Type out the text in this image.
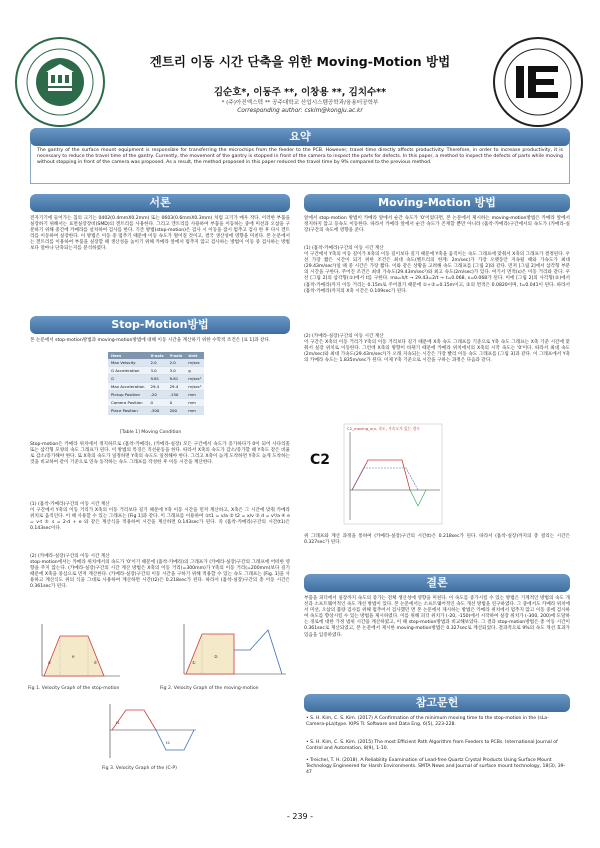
겐트리 이동 시간 단축을 위한 Moving-Motion 방법
김순호*, 이동주 **, 이창용 **, 김치수**
* (주)아진엑스텍 ** 공주대학교 산업시스템공학과/융용터공학부
Corresponding author: cskim@kongju.ac.kr
요약
The gantry of the surface mount equipment is responsible for transferring the microchips from the feeder to the PCB. However, travel time directly affects productivity. Therefore, in order to increase productivity, it is necessary to reduce the travel time of the gantry. Currently, the movement of the gantry is stopped in front of the camera to inspect the parts for defects. In this paper, a method to inspect the defects of parts while moving without stopping in front of the camera was proposed. As a result, the method proposed in this paper reduced the travel time by 9% compared to the previous method.
서론
전자기기에 들어가는 칩의 크기는 0402(0.4mmX0.2mm) 또는 0603(0.6mmX0.3mm) 처럼 크기가 매우 작다. 이러한 부품을 실장하기 위해서는 표면실장장비(SMD)의 겐트리를 사용한다. 그리고 겐트리를 사용하여 부품을 이동하는 중에 미션과 오삽을 구분하기 위해 중간에 카메라를 설치하여 검사를 한다. 기존 방법(stop-motion)은 검사 시 이동을 잠시 멈추고 검사 한 후 다시 겐트리를 이동하여 실장한다. 이 방법은 이동 중 멈추기 때문에 이동 속도가 떨어질 것이고, 결국 생산성에 영향을 미친다. 본 논문에서는 겐트리를 이용하여 부품을 실장할 때 생산성을 높이기 위해 카메라 앞에서 멈추지 않고 검사하는 방법이 이동 중 검사하는 방법보다 얼마나 단축되는지를 분석하였다.
Stop-Motion방법
본 논문에서 stop-motion방법과 moving-motion방법에 대해 이동 시간을 계산하기 위한 수학적 조건은 [표 1]과 같다.
Item	X-axis	Y-axis	Unit
Max Velocity	2.0	2.0	m/sec
G Acceleration	3.0	3.0	g
G	9.81	9.81	m/sec²
Max Acceleration	29.4	29.4	m/sec²
Pickup Position	-20	-150	mm
Camera Position	0	0	mm
Place Position	-300	200	mm
[Table 1] Moving Condition
Stop-motion은 카메라 위치에서 정지하므로 (흡착-카메라), (카메라-실장) 모든 구간에서 속도가 증가하다가 0이 되어 사다리꼴 또는 삼각형 모양의 속도 그래프가 된다. 이 방법의 특징은 직선운동을 한다. 따라서 X축의 속도가 감소/증가할 때 Y축도 같은 비율로 감소/증가해야 한다. 또 X축의 속도가 일정하면 Y축의 속도도 일정해야 한다. 그리고 X축이 늦게 도착하면 Y축도 늦게 도착하는 것을 비교하여 같이 기준으로 연속 동작하는 속도 그래프를 작성한 후 이동 시간을 계산한다.
(1) (흡착-카메라)구간의 이동 시간 계산
이 구간에서 Y축의 이동 거리가 X축의 이동 거리보다 길기 때문에 Y축 이동 시간을 먼저 계산하고, X축은 그 시간에 맞춰 카메라 위치로 움직인다. 이 때 사용할 수 있는 그래프는 [Fig 1]과 같다. 이 그래프를 이용하여 ①t1 = v/a ② t2 = x/v ③ d = v²/a ④ e = v·t ⑤ s = 2·d + e 와 같은 계산식을 적용하여 시간을 계산하면 0.143sec가 된다. 즉 (흡착-카메라)구간의 시간(t1)은 0.143sec이다.
(2) (카메라-실장)구간의 이동 시간 계산
stop-motion에서는 카메라 위치에서의 속도가 '0'이기 때문에 (흡착-카메라)의 그래프가 (카메라-실장)구간의 그래프에 어떠한 영향을 주지 않는다. (카메라-실장)구간의 시간 계산 방법은 X축의 이동 거리(=300mm)가 Y축의 이동 거리(=200mm)보다 길기 때문에 X축을 중심으로 먼저 계산한다. (카메라-실장)구간의 이동 시간을 구하기 위해 적용할 수 있는 속도 그래프는 [Fig. 1]을 사용하고 계산식도 위의 식을 그대로 사용하여 계산하면 시간(t2)은 0.218sec가 된다. 따라서 (흡착-실장)구간의 총 이동 시간은 0.361sec가 된다.
d
e
d
Fig 1. Velocity Graph of the stop-motion
①
②
Fig 2. Velocity Graph of the moving-motion
t1
t2
Fig 3. Velocity Graph of the (C-P)
Moving-Motion 방법
앞에서 stop-motion 방법이 카메라 앞에서 순간 속도가 '0'이었다면, 본 논문에서 제시하는 moving-motion방법은 카메라 앞에서 정지하지 않고 등속도 이동한다. 따라서 카메라 앞에서 순간 속도가 존재할 뿐만 아니라 (흡착-카메라)구간에서의 속도가 (카메라-실장)구간의 속도에 영향을 준다.
(1) (흡착-카메라)구간의 이동 시간 계산
이 구간에서 Y축의 이동 길이가 X축의 이동 길이보다 길기 때문에 Y축을 움직이는 속도 그래프에 맞춰서 X축의 그래프가 결정된다. 우선 가장 짧은 시간이 되기 위한 조건은 최대 속도(벤트리의 한계: 2m/sec)가 가장 오랫동안 지속될 때와 가속도가 최대(29.43m/sec²)일 때 중 시간은 가장 짧다. 이와 같은 상황을 고려해 속도 그래프를 [그림 2]와 같다. 먼저 [그림 2]에서 삼각형 부분의 시간을 구한다. 주어진 조건은 최대 가속도(29.43m/sec²)와 최고 속도(2m/sec)가 있다. 여기서 면적(s)은 이동 거리와 같다. 우선 [그림 2]의 삼각형(①)에서 t를 구한다. ma=h/t → 29.43=2/t → t=0.068, s=0.068가 된다. 이에 [그림 2]의 사각형(②)에서 (흡착-카메라)까지 이동 거리는 0.15m로 주어졌기 때문에 ①+②=0.15m이고, ②의 면적은 0.0820이며, t=0.041이 된다. 따라서 (흡착-카메라)까지의 X축 시간은 0.109sec가 된다.
(2) (카메라-실장)구간의 이동 시간 계산
이 구간은 X축의 이동 거리가 Y축의 이동 거리보다 길기 때문에 X축 속도 그래프를 기준으로 Y축 속도 그래프는 X축 기준 시간에 맞춰서 실장 위치로 이동한다. 그런데 X축의 방향이 바뀌기 때문에 카메라 위치에서의 X축의 시작 속도는 '0'이다. 따라서 최대 속도(2m/sec)와 최대 가속도(29.43m/sec²)가 오래 지속되는 시간은 가장 빨리 이동 속도 그래프를 [그림 3]과 같다. 이 그래프에서 Y축의 카메라 속도는 1.835m/sec가 된다. 이제 Y축 기준으로 시간을 구하는 과정은 다음과 같다.
C2_moving_x(v, 속도, 가속도가 있는 경우
C2
위 그래프와 계산 과정을 통하여 (카메라-실장)구간의 시간(t)은 0.218sec가 된다. 따라서 (흡착-실장)까지의 총 걸리는 시간은 0.327sec가 된다.
결론
부품을 피더에서 실장까지 속도의 증가는 전체 생산성에 영향을 미친다. 이 속도를 증가시킬 수 있는 방법은 기계적인 방법의 속도 개선과 소프트웨어적인 속도 개선 방법이 있다. 본 논문에서는 소프트웨어적인 속도 개선 방법을 연구하였다. 그 중에서도 카메라 위치에서 미션, 오삽의 불량 검사를 위해 멈추어서 검사했던 면 본 논문에서 제시하는 방법은 카메라 위치에서 멈추지 않고 이동 중에 검사하여 속도를 향상시킬 수 있는 방법을 제시하였다. 이를 위해 피더 위치가 (-20, -150)에서 시작하여 실장 위치가 (-300, 200)에 도달하는 경로에 대한 가정 범위 시간을 계산하였고, 이 때 stop-motion방법과 비교해보았다. 그 결과 stop-motion방법은 총 이동 시간이 0.361sec로 계산되었고, 본 논문에서 제시한 moving-motion방법은 0.327sec로 계산되었다. 결과적으로 9%의 속도 개선 효과가 있음을 입증하였다.
참고문헌
• S. H. Kim, C. S. Kim. (2017) A Confirmation of the minimum moving time to the stop-motion in the (sLa-Camera-pLa)type. KIPS Tr. Software and Data Eng. 6(5), 223-228.
• S. H. Kim, C. S. Kim. (2015) The most Efficient Path Algorithm from Feeders to PCBs. International Journal of Control and Automation, 8(9), 1-10.
• Treichel, T. H. (2018). A Reliability Examination of Lead-free Quartz Crystal Products Using Surface Mount Technology Engineered for Harsh Environments. SMTA News and Journal of surface mount technology, 18(3), 39-47
- 239 -
